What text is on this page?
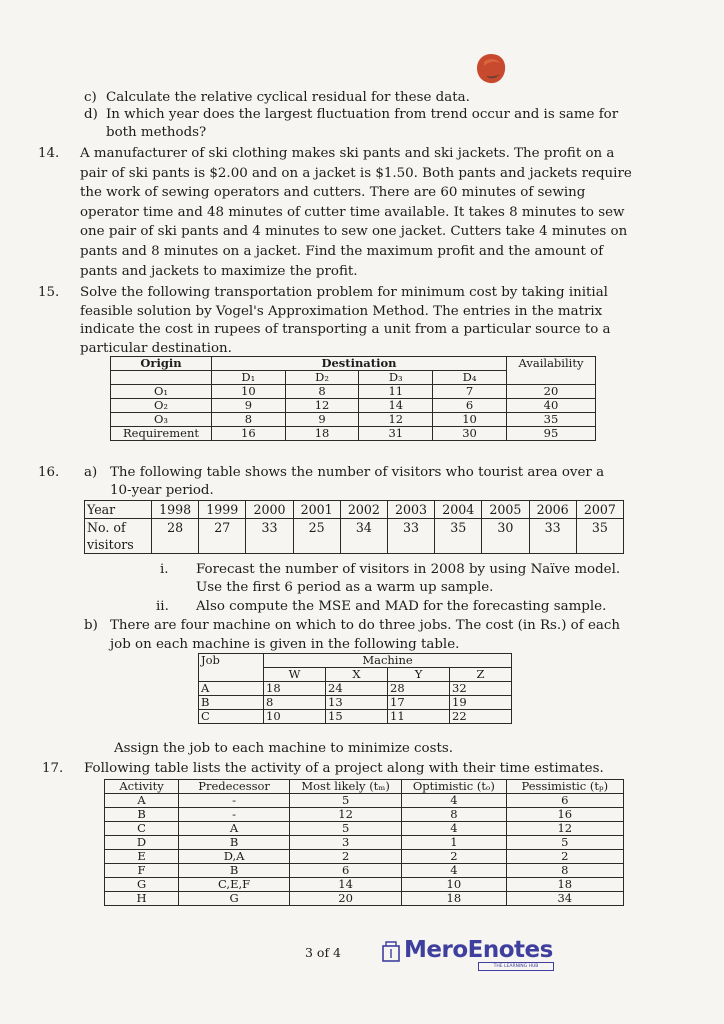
c) Calculate the relative cyclical residual for these data.
d) In which year does the largest fluctuation from trend occur and is same for
both methods?
14. A manufacturer of ski clothing makes ski pants and ski jackets. The profit on a
pair of ski pants is $2.00 and on a jacket is $1.50. Both pants and jackets require
the work of sewing operators and cutters. There are 60 minutes of sewing
operator time and 48 minutes of cutter time available. It takes 8 minutes to sew
one pair of ski pants and 4 minutes to sew one jacket. Cutters take 4 minutes on
pants and 8 minutes on a jacket. Find the maximum profit and the amount of
pants and jackets to maximize the profit.
15. Solve the following transportation problem for minimum cost by taking initial
feasible solution by Vogel's Approximation Method. The entries in the matrix
indicate the cost in rupees of transporting a unit from a particular source to a
particular destination.
Origin	Destination				Availability
	D₁	D₂	D₃	D₄	
O₁	10	8	11	7	20
O₂	9	12	14	6	40
O₃	8	9	12	10	35
Requirement	16	18	31	30	95
16. a) The following table shows the number of visitors who tourist area over a
10-year period.
Year	1998	1999	2000	2001	2002	2003	2004	2005	2006	2007

No. of
visitors	28	27	33	25	34	33	35	30	33	35
i. Forecast the number of visitors in 2008 by using Naïve model.
Use the first 6 period as a warm up sample.
ii. Also compute the MSE and MAD for the forecasting sample.
b) There are four machine on which to do three jobs. The cost (in Rs.) of each
job on each machine is given in the following table.
Job	Machine			
	W	X	Y	Z
A	18	24	28	32
B	8	13	17	19
C	10	15	11	22
Assign the job to each machine to minimize costs.
17. Following table lists the activity of a project along with their time estimates.
Activity	Predecessor	Most likely (tₘ)	Optimistic (tₒ)	Pessimistic (tₚ)
A	-	5	4	6
B	-	12	8	16
C	A	5	4	12
D	B	3	1	5
E	D,A	2	2	2
F	B	6	4	8
G	C,E,F	14	10	18
H	G	20	18	34
3 of 4	MeroEnotes
THE LEARNING HUB
